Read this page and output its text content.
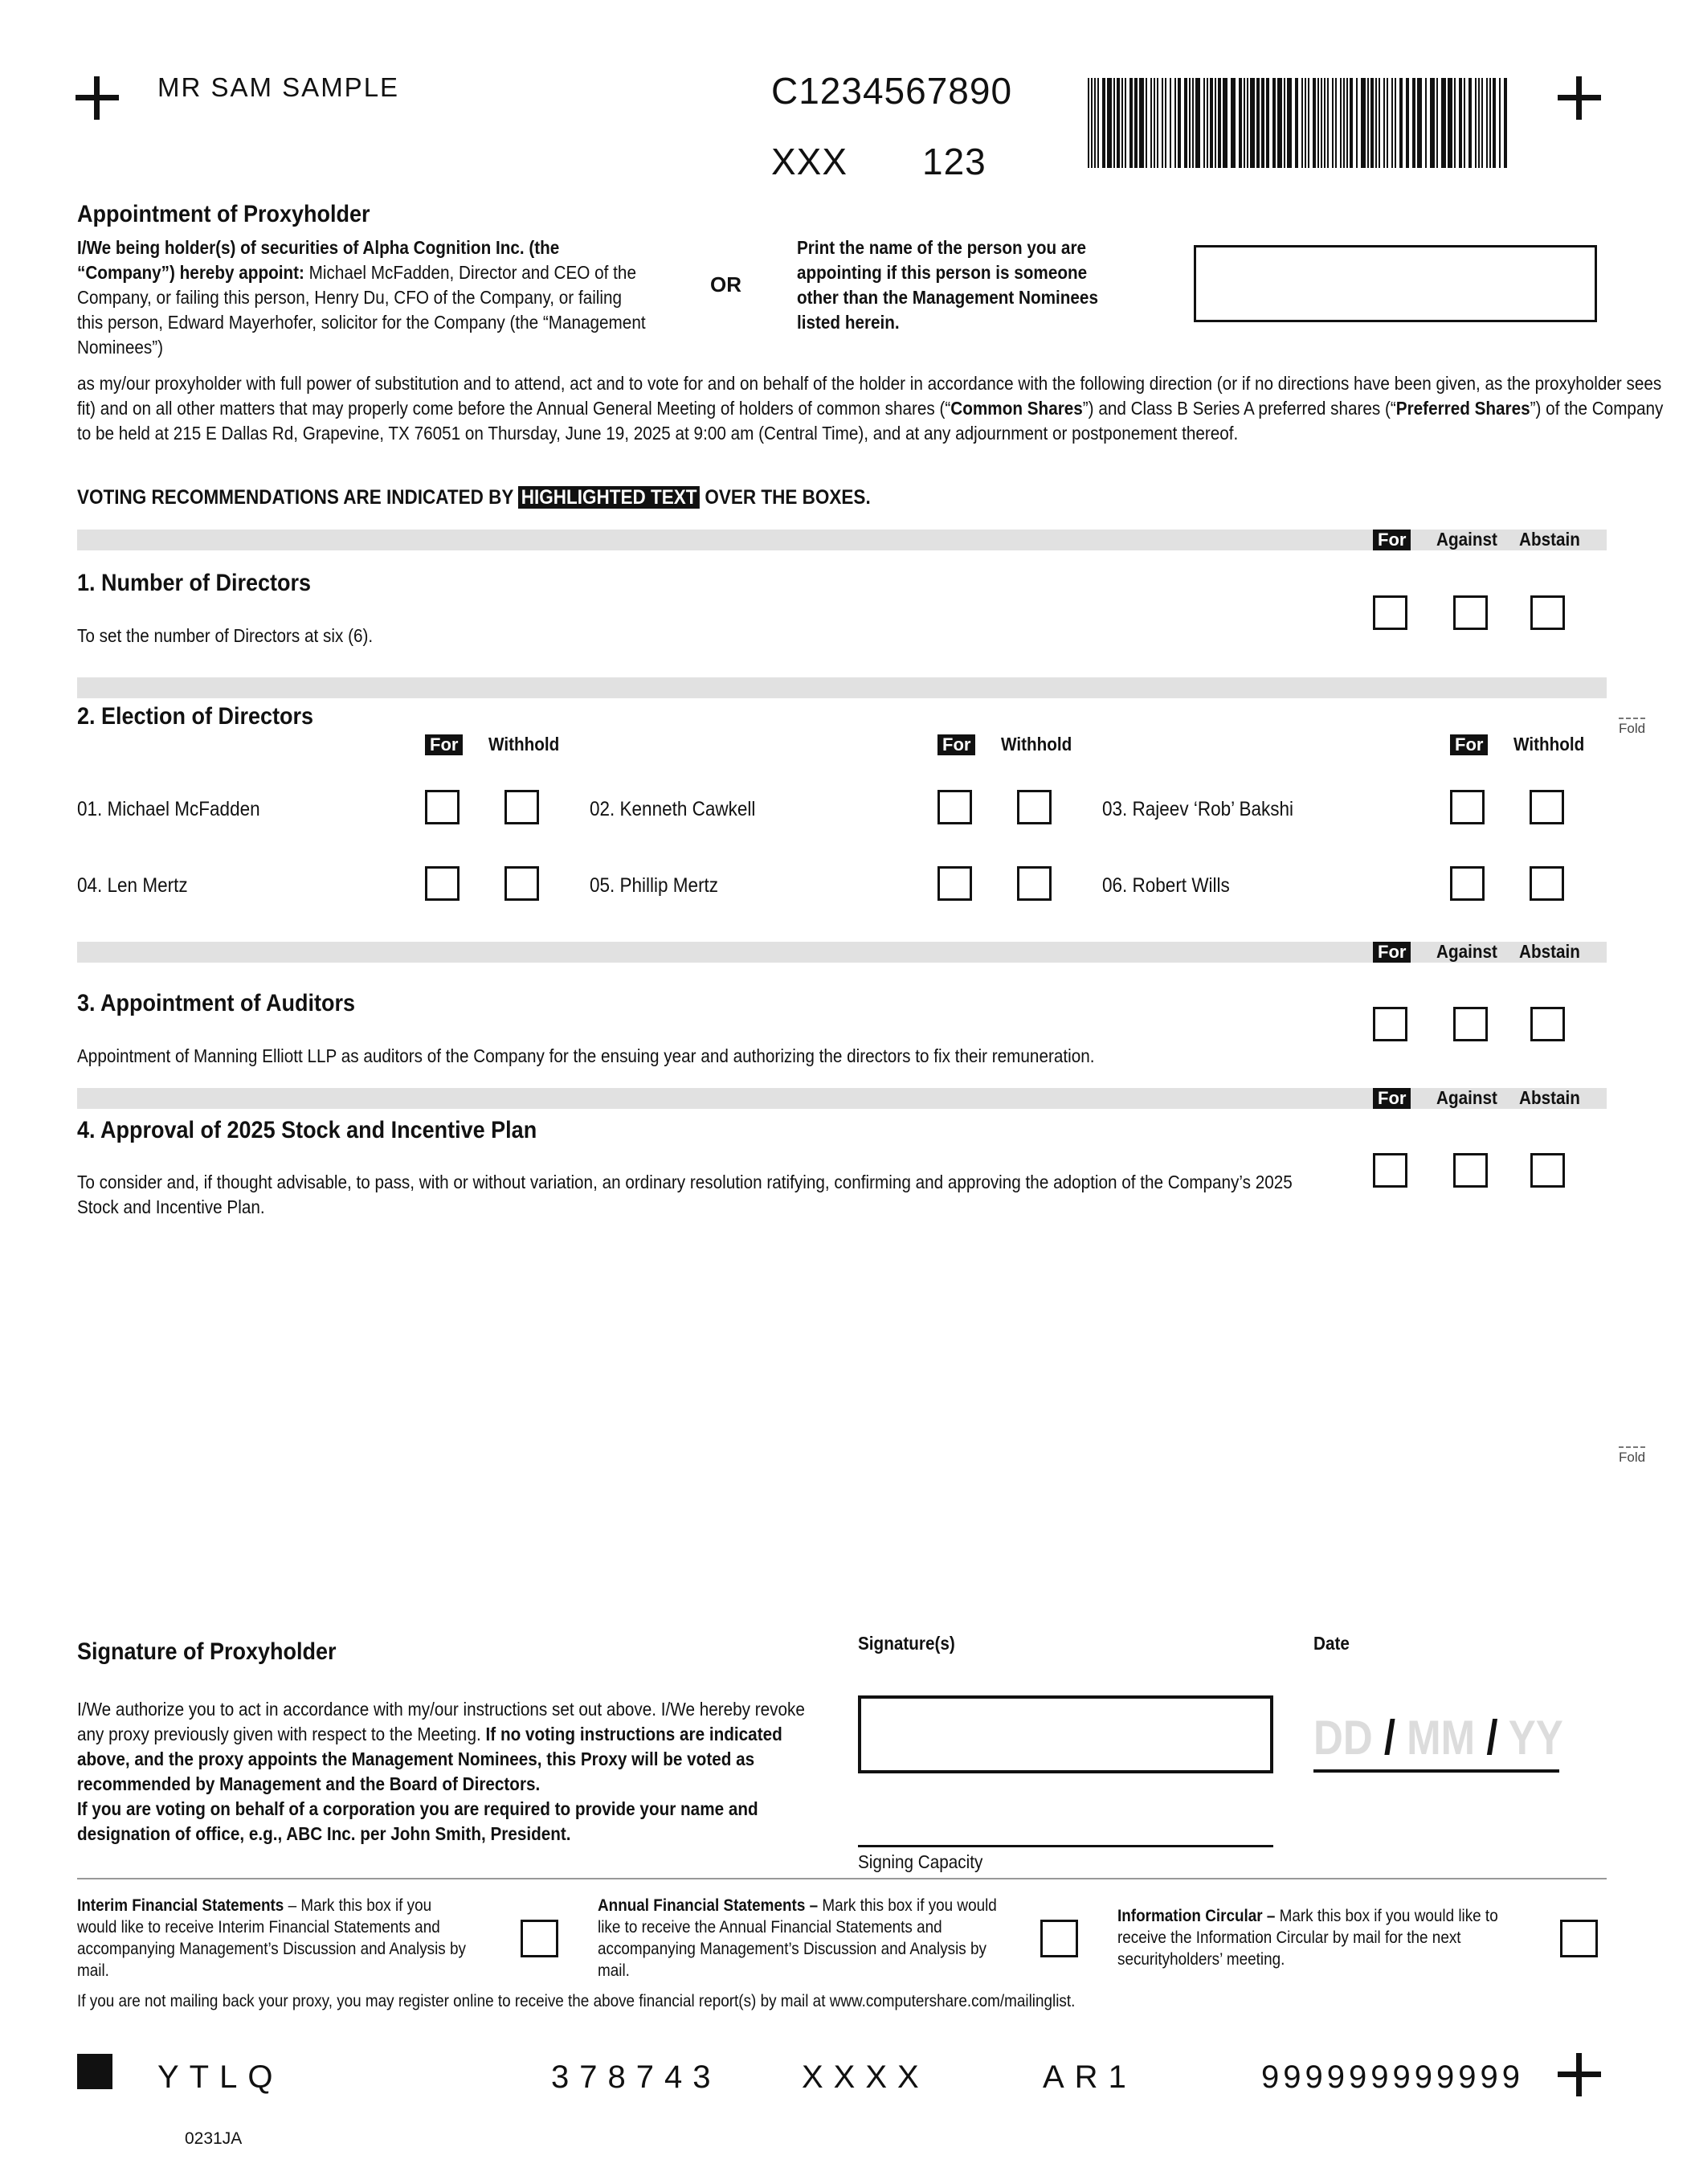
MR SAM SAMPLE	C1234567890
XXX 123
Appointment of Proxyholder
I/We being holder(s) of securities of Alpha Cognition Inc. (the “Company”) hereby appoint: Michael McFadden, Director and CEO of the Company, or failing this person, Henry Du, CFO of the Company, or failing this person, Edward Mayerhofer, solicitor for the Company (the “Management Nominees”)
OR
Print the name of the person you are appointing if this person is someone other than the Management Nominees listed herein.
as my/our proxyholder with full power of substitution and to attend, act and to vote for and on behalf of the holder in accordance with the following direction (or if no directions have been given, as the proxyholder sees fit) and on all other matters that may properly come before the Annual General Meeting of holders of common shares (“Common Shares”) and Class B Series A preferred shares (“Preferred Shares”) of the Company to be held at 215 E Dallas Rd, Grapevine, TX 76051 on Thursday, June 19, 2025 at 9:00 am (Central Time), and at any adjournment or postponement thereof.
VOTING RECOMMENDATIONS ARE INDICATED BY HIGHLIGHTED TEXT OVER THE BOXES.
For Against Abstain
1. Number of Directors
To set the number of Directors at six (6).
2. Election of Directors	Fold
For Withhold	For Withhold	For Withhold
01. Michael McFadden	02. Kenneth Cawkell	03. Rajeev ‘Rob’ Bakshi
04. Len Mertz	05. Phillip Mertz	06. Robert Wills
For Against Abstain
3. Appointment of Auditors
Appointment of Manning Elliott LLP as auditors of the Company for the ensuing year and authorizing the directors to fix their remuneration.
For Against Abstain
4. Approval of 2025 Stock and Incentive Plan
To consider and, if thought advisable, to pass, with or without variation, an ordinary resolution ratifying, confirming and approving the adoption of the Company’s 2025 Stock and Incentive Plan.
Fold
Signature of Proxyholder
I/We authorize you to act in accordance with my/our instructions set out above. I/We hereby revoke any proxy previously given with respect to the Meeting. If no voting instructions are indicated above, and the proxy appoints the Management Nominees, this Proxy will be voted as recommended by Management and the Board of Directors.
If you are voting on behalf of a corporation you are required to provide your name and designation of office, e.g., ABC Inc. per John Smith, President.
Signature(s)	Date
DD / MM / YY
Signing Capacity
Interim Financial Statements – Mark this box if you would like to receive Interim Financial Statements and accompanying Management’s Discussion and Analysis by mail.
Annual Financial Statements – Mark this box if you would like to receive the Annual Financial Statements and accompanying Management’s Discussion and Analysis by mail.
Information Circular – Mark this box if you would like to receive the Information Circular by mail for the next securityholders’ meeting.
If you are not mailing back your proxy, you may register online to receive the above financial report(s) by mail at www.computershare.com/mailinglist.
YTLQ	378743	XXXX	AR1	999999999999
0231JA
